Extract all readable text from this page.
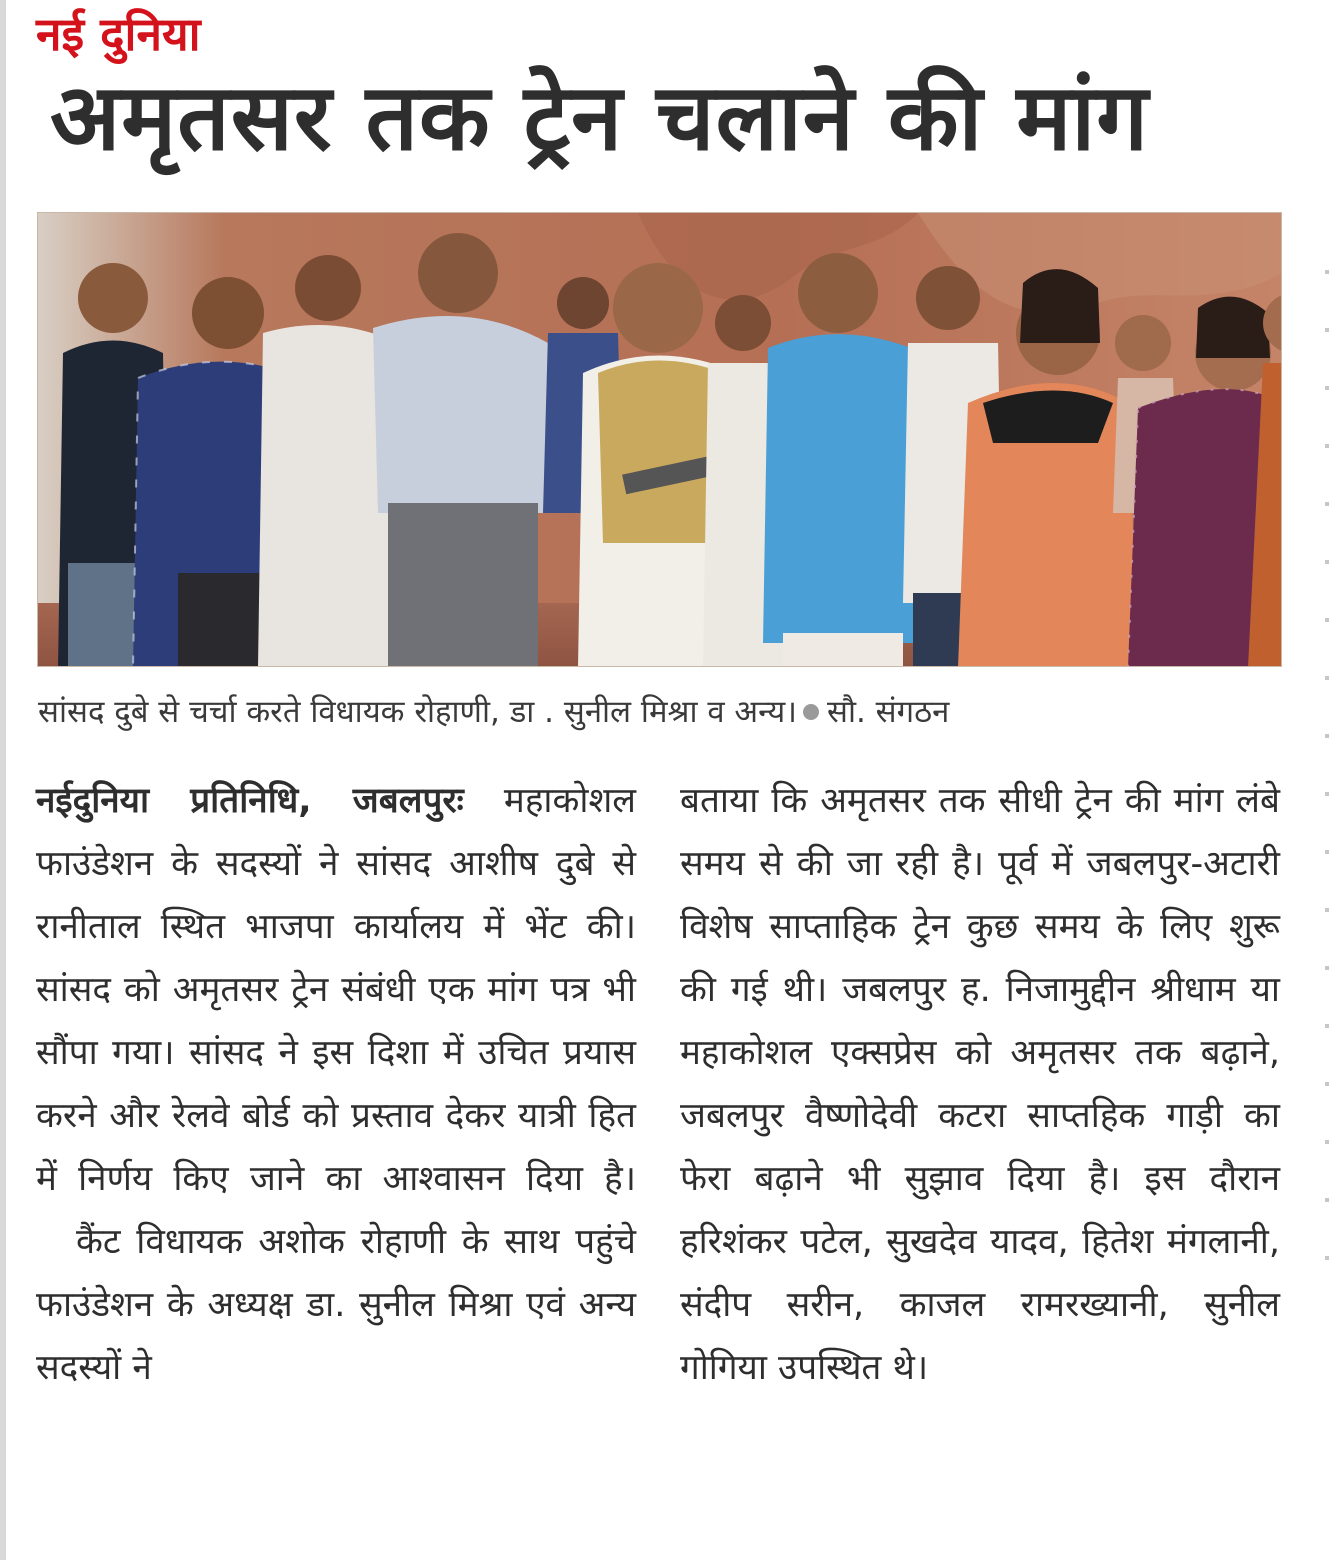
नई दुनिया
अमृतसर तक ट्रेन चलाने की मांग
सांसद दुबे से चर्चा करते विधायक रोहाणी, डा . सुनील मिश्रा व अन्य। सौ. संगठन

नईदुनिया प्रतिनिधि, जबलपुरः महाकोशल फाउंडेशन के सदस्यों ने सांसद आशीष दुबे से रानीताल स्थित भाजपा कार्यालय में भेंट की। सांसद को अमृतसर ट्रेन संबंधी एक मांग पत्र भी सौंपा गया। सांसद ने इस दिशा में उचित प्रयास करने और रेलवे बोर्ड को प्रस्ताव देकर यात्री हित में निर्णय किए जाने का आश्वासन दिया है।

कैंट विधायक अशोक रोहाणी के साथ पहुंचे फाउंडेशन के अध्यक्ष डा. सुनील मिश्रा एवं अन्य सदस्यों ने

बताया कि अमृतसर तक सीधी ट्रेन की मांग लंबे समय से की जा रही है। पूर्व में जबलपुर-अटारी विशेष साप्ताहिक ट्रेन कुछ समय के लिए शुरू की गई थी। जबलपुर ह. निजामुद्दीन श्रीधाम या महाकोशल एक्सप्रेस को अमृतसर तक बढ़ाने, जबलपुर वैष्णोदेवी कटरा साप्तहिक गाड़ी का फेरा बढ़ाने भी सुझाव दिया है। इस दौरान हरिशंकर पटेल, सुखदेव यादव, हितेश मंगलानी, संदीप सरीन, काजल रामरख्यानी, सुनील गोगिया उपस्थित थे।
